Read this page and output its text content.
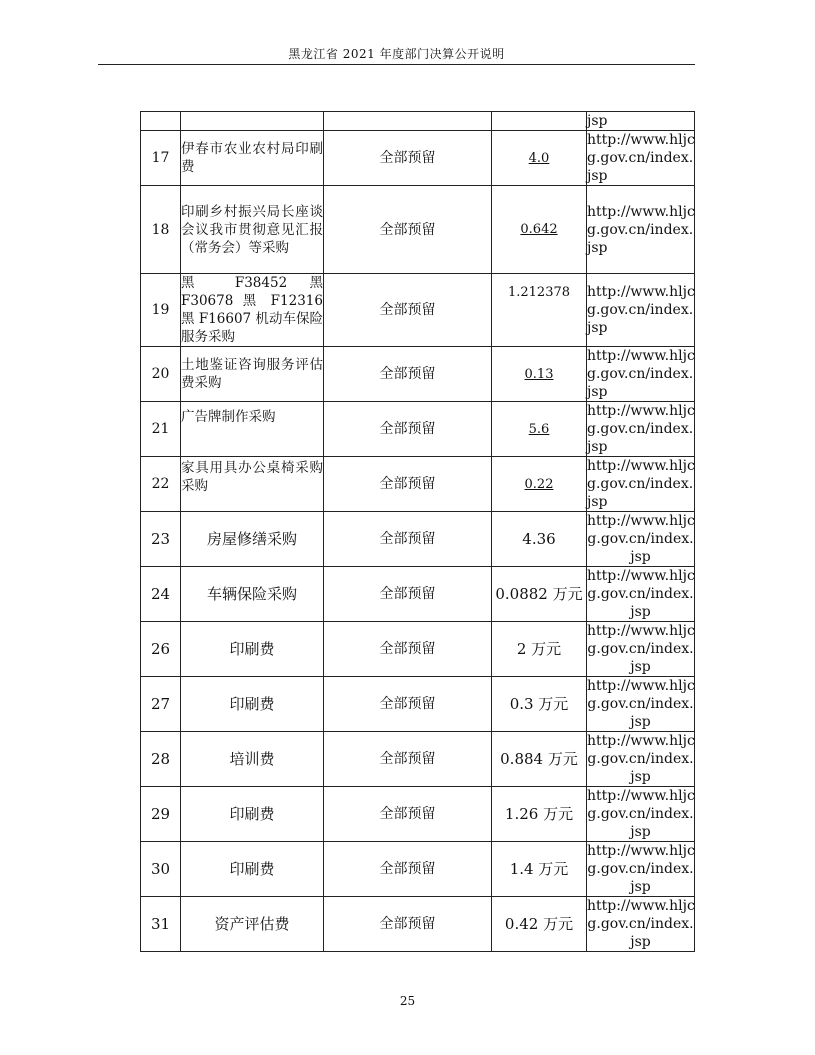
黑龙江省 2021 年度部门决算公开说明

				jsp

17	伊春市农业农村局印刷费	全部预留	4.0	http://www.hljc
g.gov.cn/index.
jsp

18	印刷乡村振兴局长座谈会议我市贯彻意见汇报（常务会）等采购	全部预留	0.642	http://www.hljc
g.gov.cn/index.
jsp

19	黑 F38452 黑 F30678 黑 F12316 黑 F16607 机动车保险服务采购	全部预留	1.212378	http://www.hljc
g.gov.cn/index.
jsp

20	土地鉴证咨询服务评估费采购	全部预留	0.13	http://www.hljc
g.gov.cn/index.
jsp

21	广告牌制作采购	全部预留	5.6	http://www.hljc
g.gov.cn/index.
jsp

22	家具用具办公桌椅采购采购	全部预留	0.22	http://www.hljc
g.gov.cn/index.
jsp

23	房屋修缮采购	全部预留	4.36	http://www.hljc
g.gov.cn/index.
jsp

24	车辆保险采购	全部预留	0.0882 万元	http://www.hljc
g.gov.cn/index.
jsp

26	印刷费	全部预留	2 万元	http://www.hljc
g.gov.cn/index.
jsp

27	印刷费	全部预留	0.3 万元	http://www.hljc
g.gov.cn/index.
jsp

28	培训费	全部预留	0.884 万元	http://www.hljc
g.gov.cn/index.
jsp

29	印刷费	全部预留	1.26 万元	http://www.hljc
g.gov.cn/index.
jsp

30	印刷费	全部预留	1.4 万元	http://www.hljc
g.gov.cn/index.
jsp

31	资产评估费	全部预留	0.42 万元	http://www.hljc
g.gov.cn/index.
jsp
25
